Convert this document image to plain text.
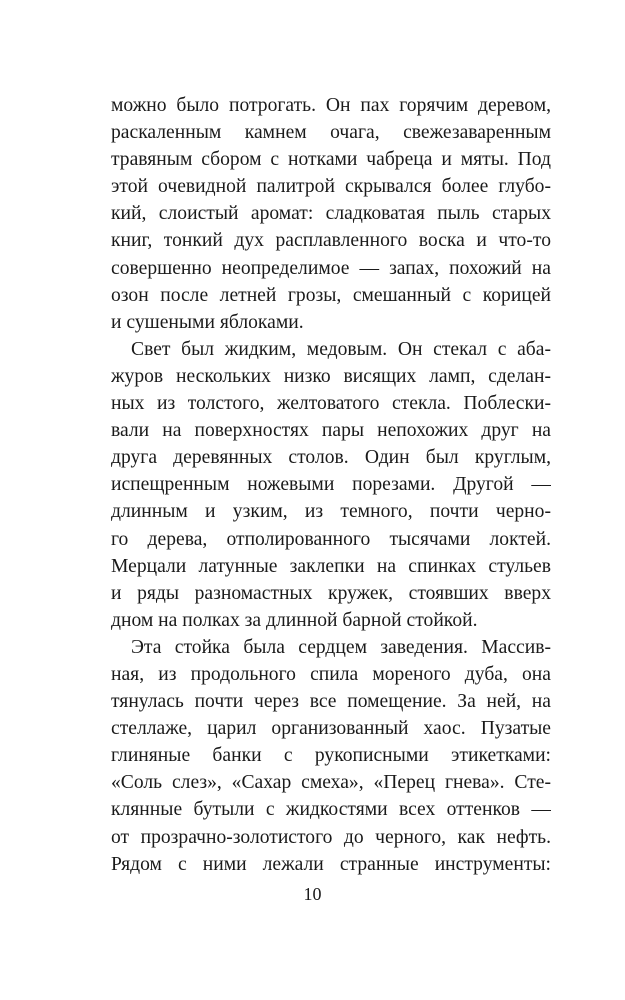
можно было потрогать. Он пах горячим деревом,
раскаленным камнем очага, свежезаваренным
травяным сбором с нотками чабреца и мяты. Под
этой очевидной палитрой скрывался более глубо-
кий, слоистый аромат: сладковатая пыль старых
книг, тонкий дух расплавленного воска и что-то
совершенно неопределимое — запах, похожий на
озон после летней грозы, смешанный с корицей
и сушеными яблоками.
Свет был жидким, медовым. Он стекал с аба-
журов нескольких низко висящих ламп, сделан-
ных из толстого, желтоватого стекла. Поблески-
вали на поверхностях пары непохожих друг на
друга деревянных столов. Один был круглым,
испещренным ножевыми порезами. Другой —
длинным и узким, из темного, почти черно-
го дерева, отполированного тысячами локтей.
Мерцали латунные заклепки на спинках стульев
и ряды разномастных кружек, стоявших вверх
дном на полках за длинной барной стойкой.
Эта стойка была сердцем заведения. Массив-
ная, из продольного спила мореного дуба, она
тянулась почти через все помещение. За ней, на
стеллаже, царил организованный хаос. Пузатые
глиняные банки с рукописными этикетками:
«Соль слез», «Сахар смеха», «Перец гнева». Сте-
клянные бутыли с жидкостями всех оттенков —
от прозрачно-золотистого до черного, как нефть.
Рядом с ними лежали странные инструменты:
10
